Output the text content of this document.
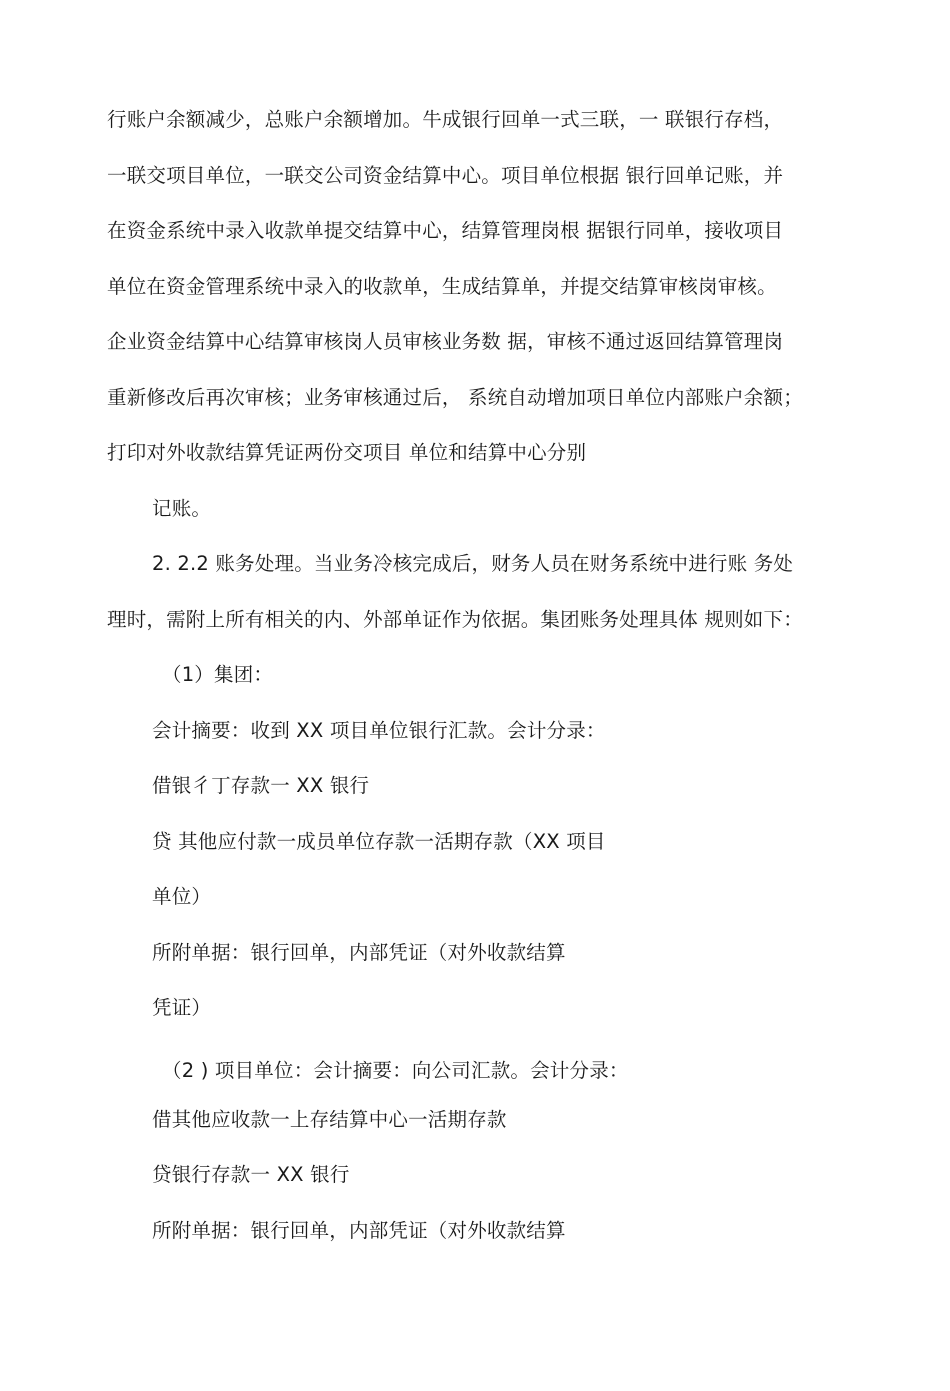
行账户余额减少，总账户余额增加。牛成银行回单一式三联，一 联银行存档，
一联交项目单位，一联交公司资金结算中心。项目单位根据 银行回单记账，并
在资金系统中录入收款单提交结算中心，结算管理岗根 据银行同单，接收项目
单位在资金管理系统中录入的收款单，生成结算单，并提交结算审核岗审核。
企业资金结算中心结算审核岗人员审核业务数 据，审核不通过返回结算管理岗
重新修改后再次审核；业务审核通过后， 系统自动增加项日单位内部账户余额；
打印对外收款结算凭证两份交项目 单位和结算中心分别
记账。
2. 2.2 账务处理。当业务冷核完成后，财务人员在财务系统中进行账 务处
理时，需附上所有相关的内、外部单证作为依据。集团账务处理具体 规则如下：
（1）集团：
会计摘要：收到 XX 项目单位银行汇款。会计分录：
借银彳丁存款一 XX 银行
贷 其他应付款一成员单位存款一活期存款（XX 项目
单位）
所附单据：银行回单，内部凭证（对外收款结算
凭证）
（2 ) 项目单位：会计摘要：向公司汇款。会计分录：
借其他应收款一上存结算中心一活期存款
贷银行存款一 XX 银行
所附单据：银行回单，内部凭证（对外收款结算
